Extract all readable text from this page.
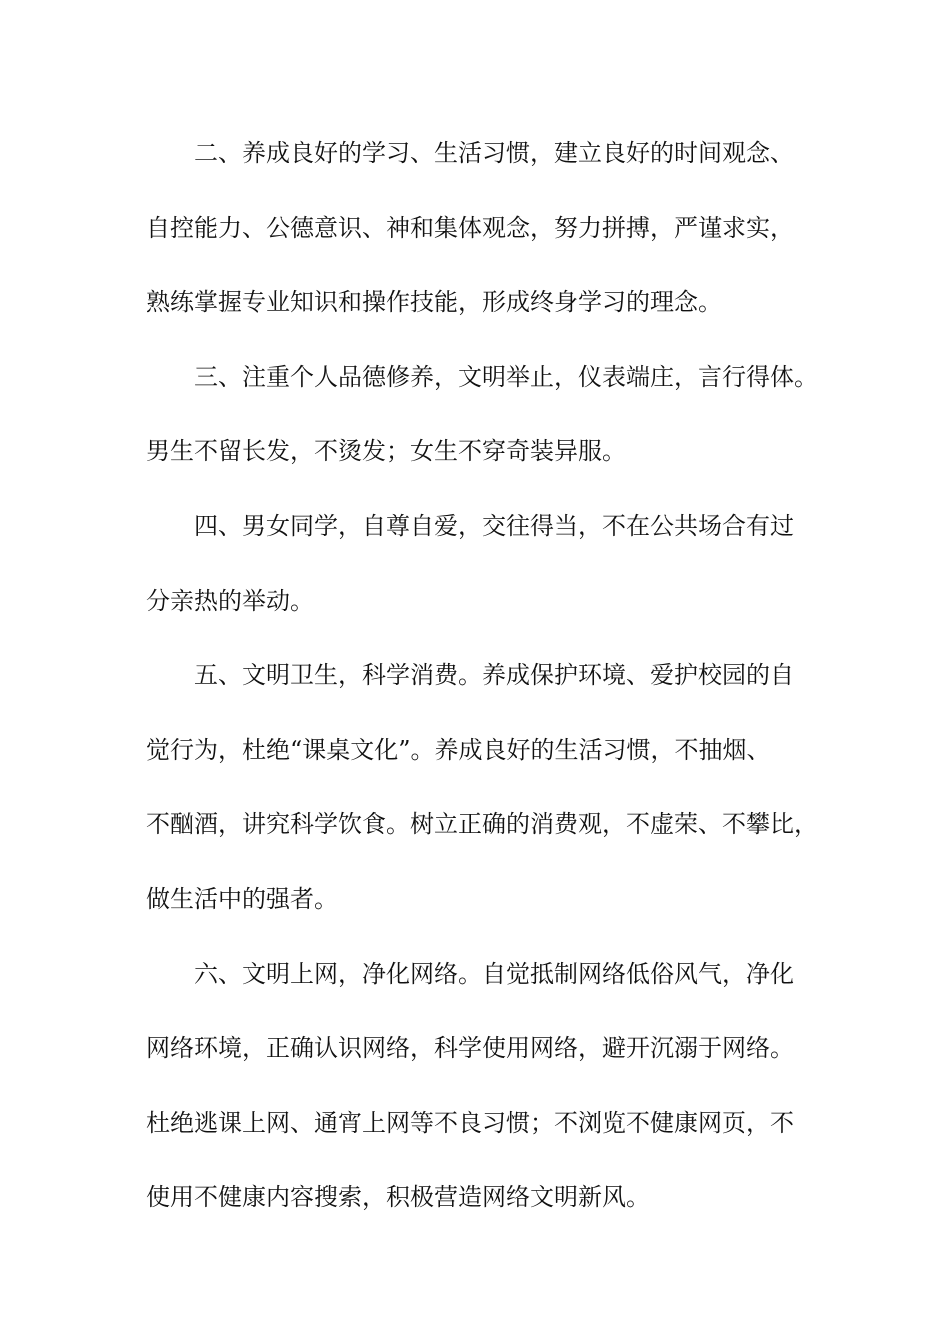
二、养成良好的学习、生活习惯，建立良好的时间观念、
自控能力、公德意识、神和集体观念，努力拼搏，严谨求实，
熟练掌握专业知识和操作技能，形成终身学习的理念。
三、注重个人品德修养，文明举止，仪表端庄，言行得体。
男生不留长发，不烫发；女生不穿奇装异服。
四、男女同学，自尊自爱，交往得当，不在公共场合有过
分亲热的举动。
五、文明卫生，科学消费。养成保护环境、爱护校园的自
觉行为，杜绝“课桌文化”。养成良好的生活习惯，不抽烟、
不酗酒，讲究科学饮食。树立正确的消费观，不虚荣、不攀比，
做生活中的强者。
六、文明上网，净化网络。自觉抵制网络低俗风气，净化
网络环境，正确认识网络，科学使用网络，避开沉溺于网络。
杜绝逃课上网、通宵上网等不良习惯；不浏览不健康网页，不
使用不健康内容搜索，积极营造网络文明新风。
